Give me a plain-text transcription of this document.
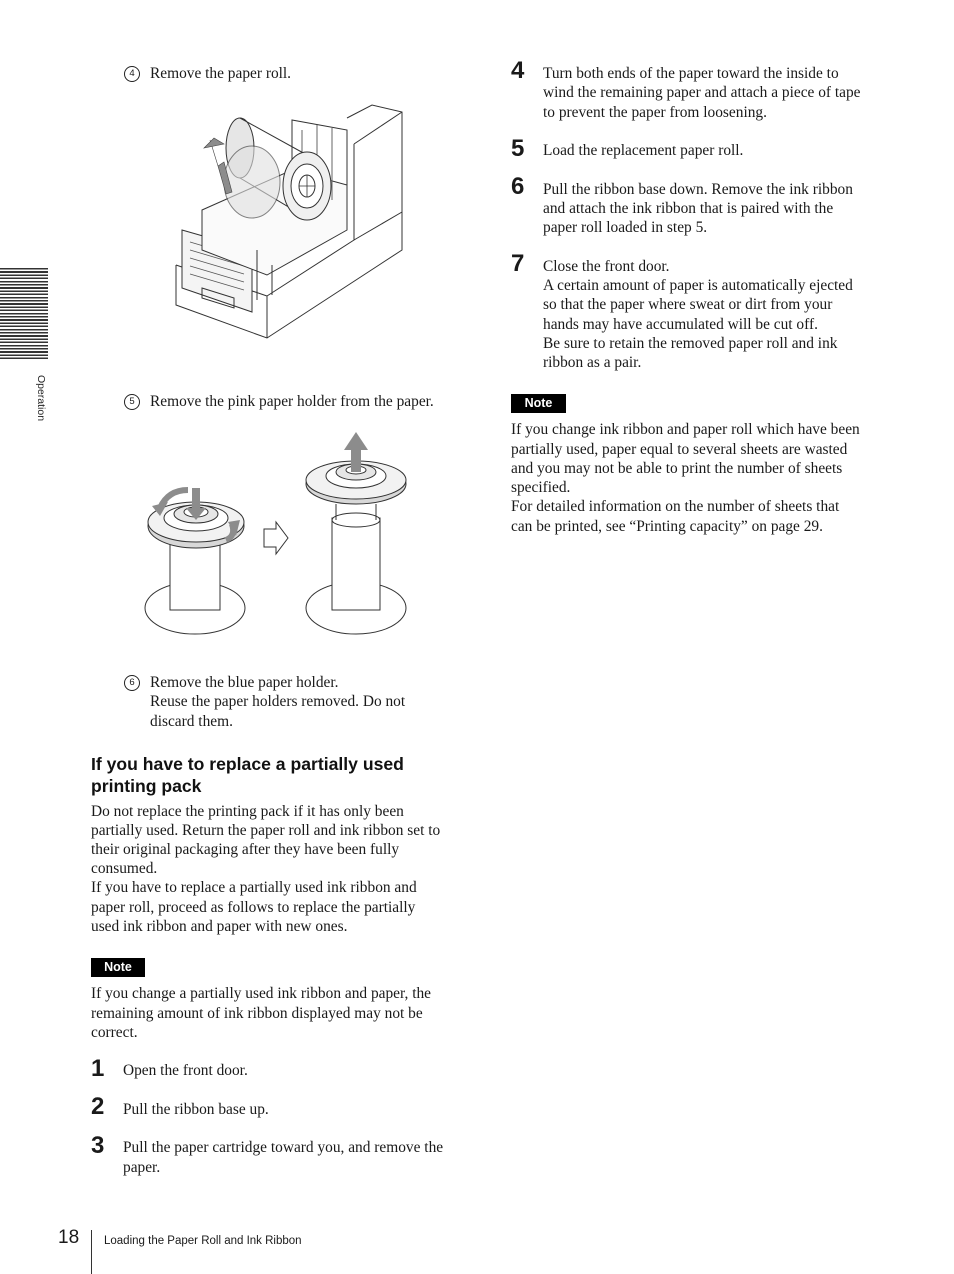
Operation
4 Remove the paper roll.
5 Remove the pink paper holder from the paper.
6 Remove the blue paper holder.
Reuse the paper holders removed. Do not
discard them.
If you have to replace a partially used
printing pack
Do not replace the printing pack if it has only been
partially used. Return the paper roll and ink ribbon set to
their original packaging after they have been fully
consumed.
If you have to replace a partially used ink ribbon and
paper roll, proceed as follows to replace the partially
used ink ribbon and paper with new ones.
Note
If you change a partially used ink ribbon and paper, the
remaining amount of ink ribbon displayed may not be
correct.
1 Open the front door.
2 Pull the ribbon base up.
3 Pull the paper cartridge toward you, and remove the
paper.
4 Turn both ends of the paper toward the inside to
wind the remaining paper and attach a piece of tape
to prevent the paper from loosening.
5 Load the replacement paper roll.
6 Pull the ribbon base down. Remove the ink ribbon
and attach the ink ribbon that is paired with the
paper roll loaded in step 5.
7 Close the front door.
A certain amount of paper is automatically ejected
so that the paper where sweat or dirt from your
hands may have accumulated will be cut off.
Be sure to retain the removed paper roll and ink
ribbon as a pair.
Note
If you change ink ribbon and paper roll which have been
partially used, paper equal to several sheets are wasted
and you may not be able to print the number of sheets
specified.
For detailed information on the number of sheets that
can be printed, see “Printing capacity” on page 29.
18 Loading the Paper Roll and Ink Ribbon
